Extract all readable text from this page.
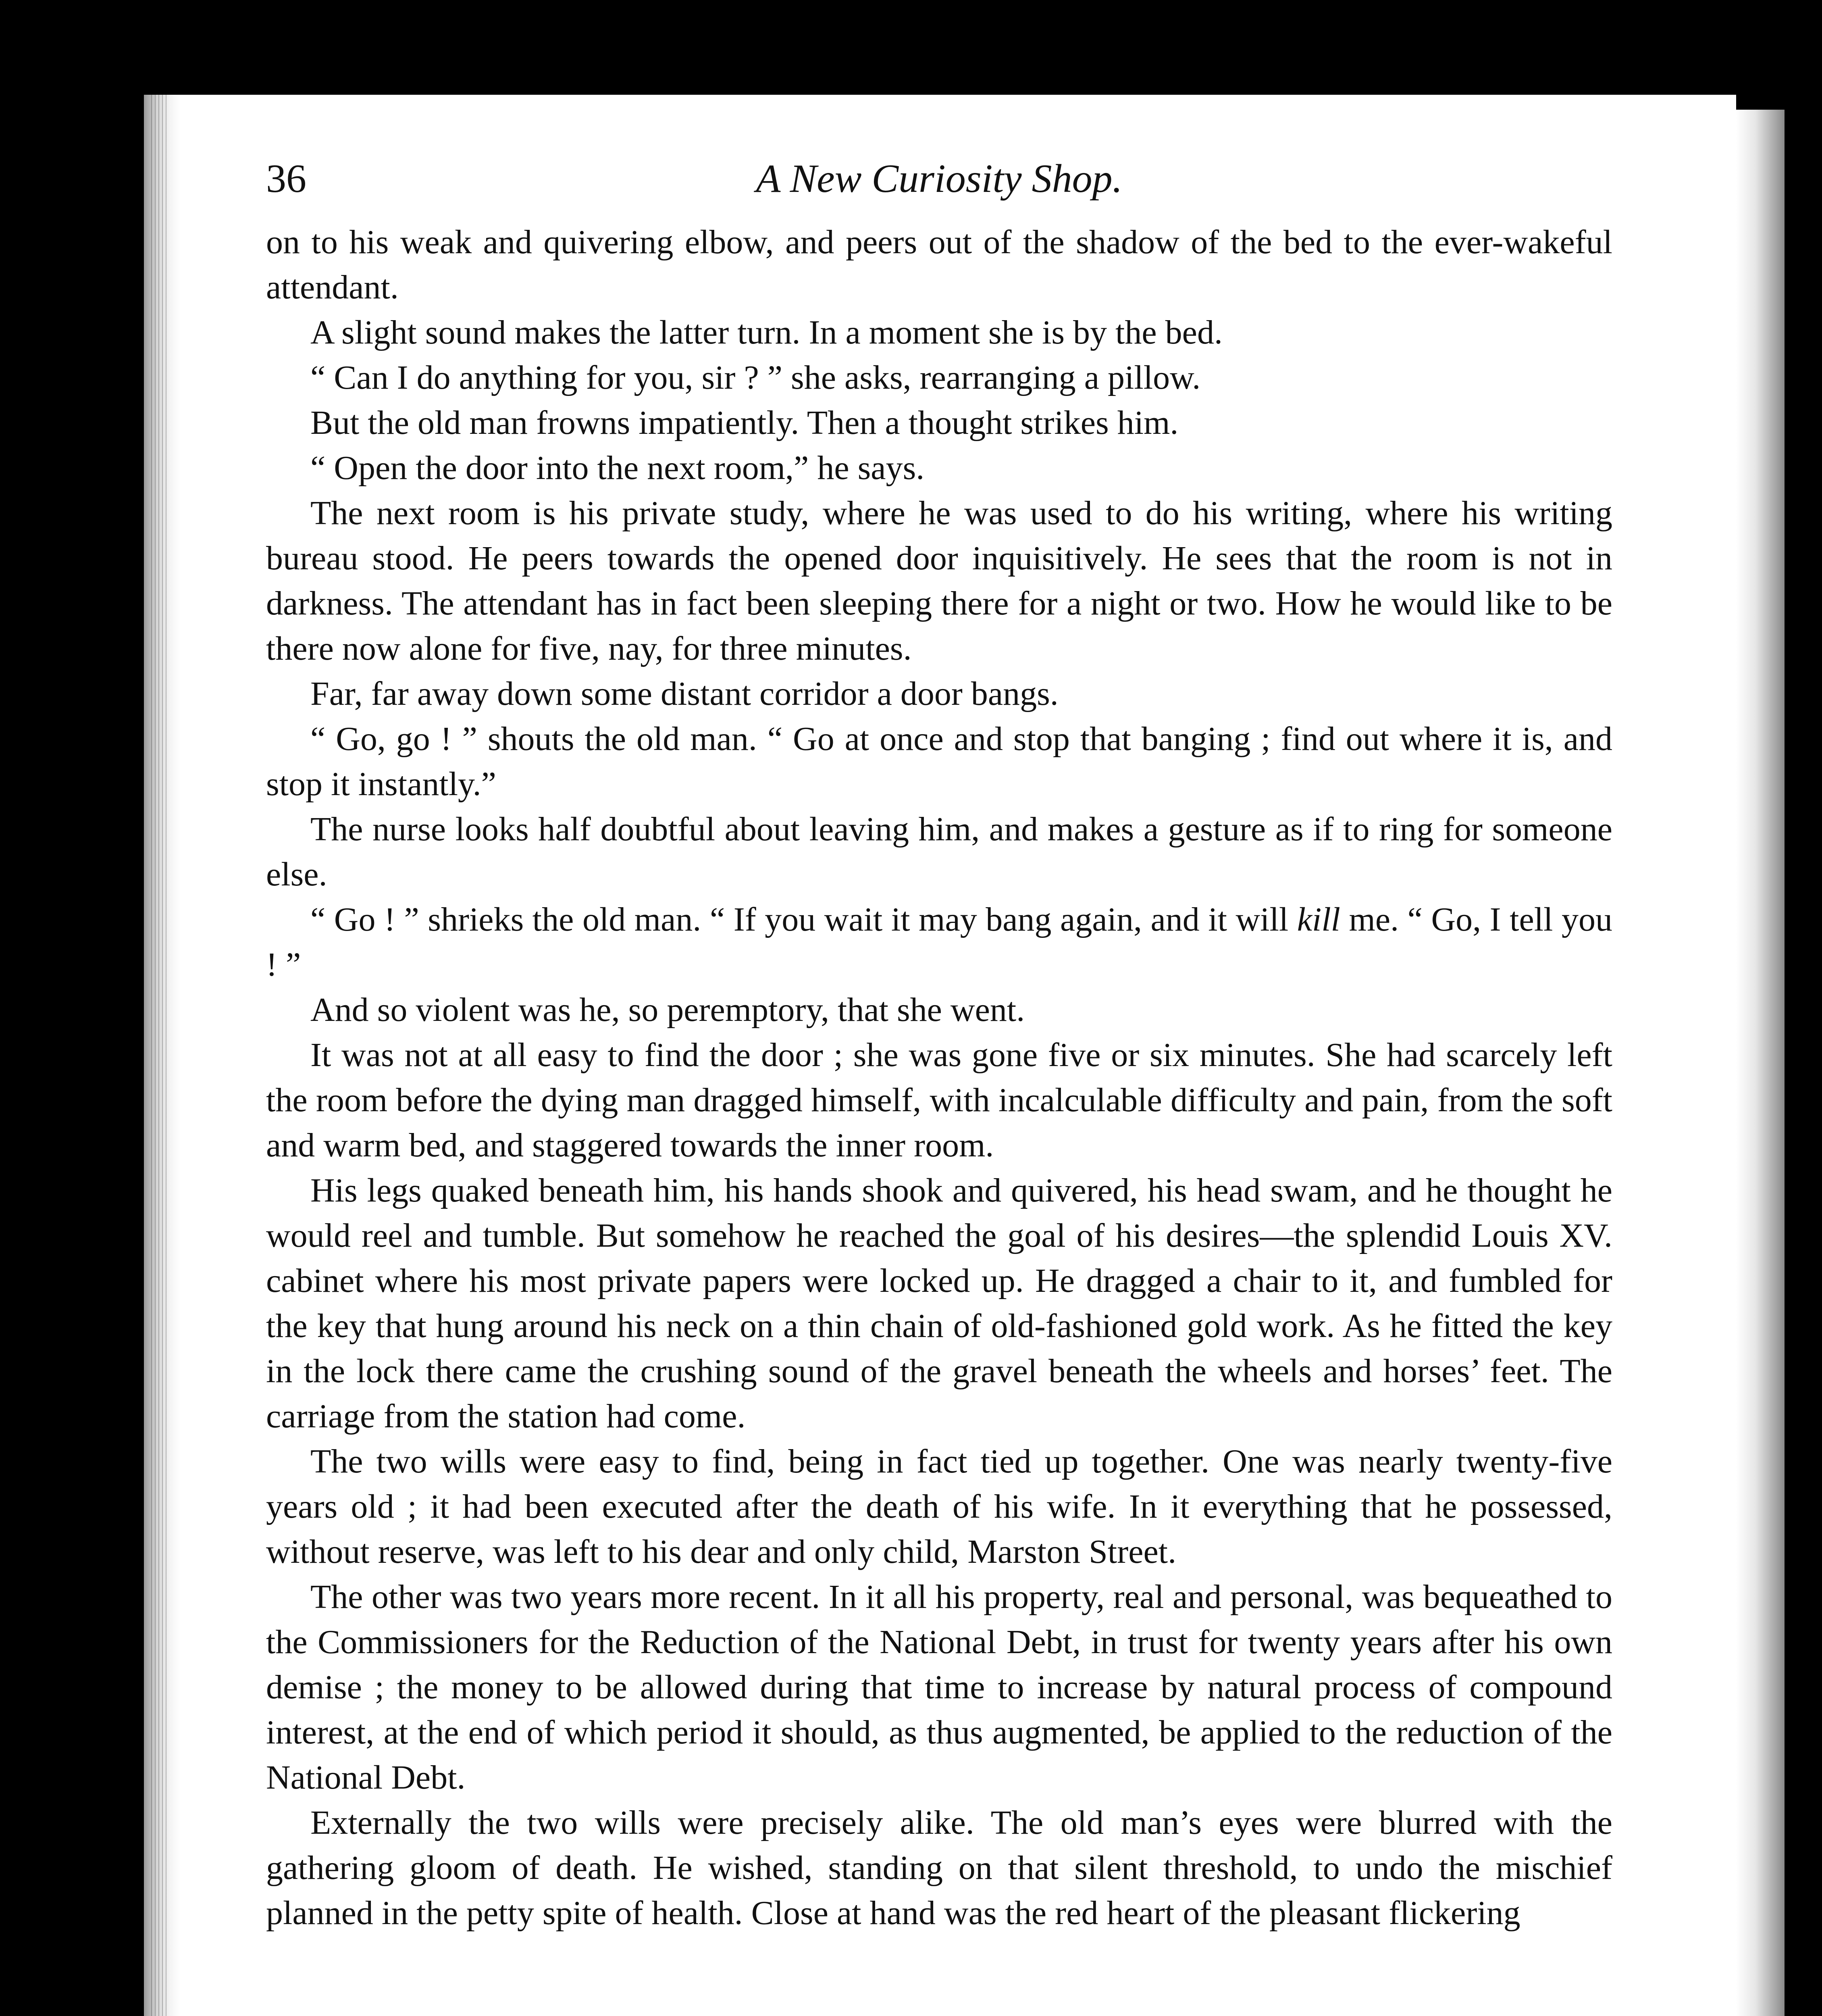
36	A New Curiosity Shop.

on to his weak and quivering elbow, and peers out of the shadow of the bed to the ever-wakeful attendant.

A slight sound makes the latter turn. In a moment she is by the bed.

“ Can I do anything for you, sir ? ” she asks, rearranging a pillow.

But the old man frowns impatiently. Then a thought strikes him.

“ Open the door into the next room,” he says.

The next room is his private study, where he was used to do his writing, where his writing bureau stood. He peers towards the opened door inquisitively. He sees that the room is not in darkness. The attendant has in fact been sleeping there for a night or two. How he would like to be there now alone for five, nay, for three minutes.

Far, far away down some distant corridor a door bangs.

“ Go, go ! ” shouts the old man. “ Go at once and stop that banging ; find out where it is, and stop it instantly.”

The nurse looks half doubtful about leaving him, and makes a gesture as if to ring for someone else.

“ Go ! ” shrieks the old man. “ If you wait it may bang again, and it will kill me. “ Go, I tell you ! ”

And so violent was he, so peremptory, that she went.

It was not at all easy to find the door ; she was gone five or six minutes. She had scarcely left the room before the dying man dragged himself, with incalculable difficulty and pain, from the soft and warm bed, and staggered towards the inner room.

His legs quaked beneath him, his hands shook and quivered, his head swam, and he thought he would reel and tumble. But somehow he reached the goal of his desires—the splendid Louis XV. cabinet where his most private papers were locked up. He dragged a chair to it, and fumbled for the key that hung around his neck on a thin chain of old-fashioned gold work. As he fitted the key in the lock there came the crushing sound of the gravel beneath the wheels and horses’ feet. The carriage from the station had come.

The two wills were easy to find, being in fact tied up together. One was nearly twenty-five years old ; it had been executed after the death of his wife. In it everything that he possessed, without reserve, was left to his dear and only child, Marston Street.

The other was two years more recent. In it all his property, real and personal, was bequeathed to the Commissioners for the Reduction of the National Debt, in trust for twenty years after his own demise ; the money to be allowed during that time to increase by natural process of compound interest, at the end of which period it should, as thus augmented, be applied to the reduction of the National Debt.

Externally the two wills were precisely alike. The old man’s eyes were blurred with the gathering gloom of death. He wished, standing on that silent threshold, to undo the mischief planned in the petty spite of health. Close at hand was the red heart of the pleasant flickering
